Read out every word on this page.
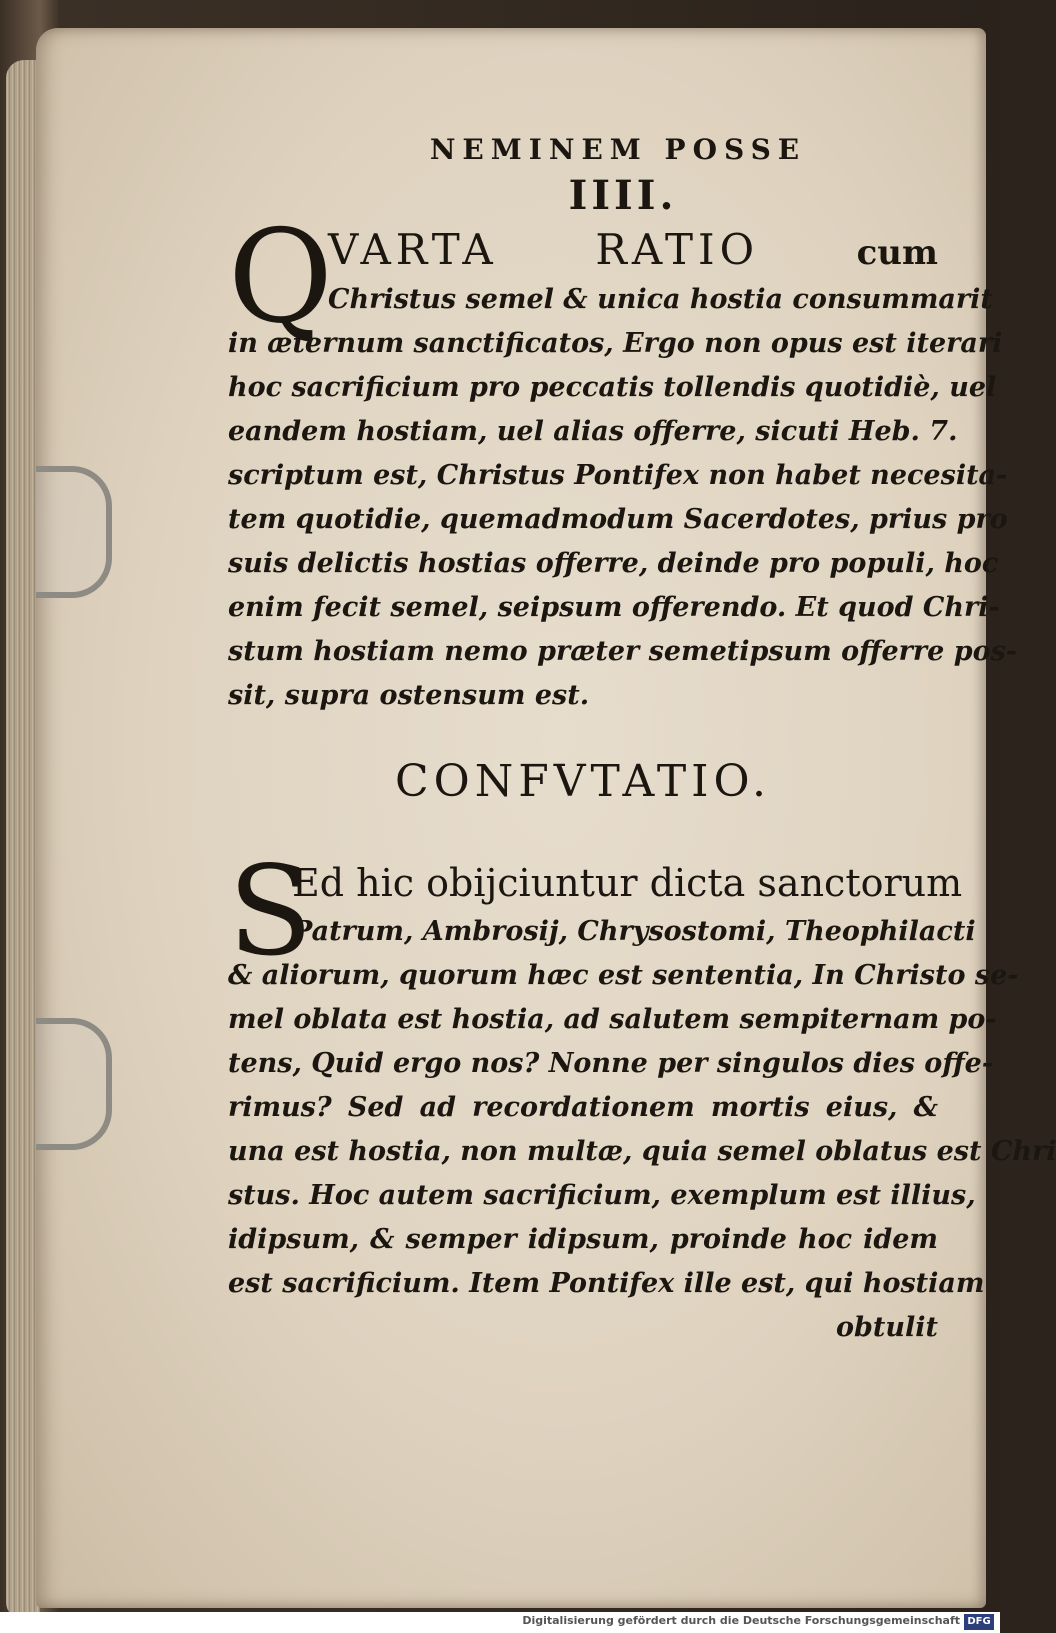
NEMINEM POSSE
IIII.
Q
VARTA RATIO	cum
Christus semel & unica hostia consummarit
in æternum sanctificatos, Ergo non opus est iterari
hoc sacrificium pro peccatis tollendis quotidiè, uel
eandem hostiam, uel alias offerre, sicuti Heb. 7.
scriptum est, Christus Pontifex non habet necesita-
tem quotidie, quemadmodum Sacerdotes, prius pro
suis delictis hostias offerre, deinde pro populi, hoc
enim fecit semel, seipsum offerendo. Et quod Chri-
stum hostiam nemo præter semetipsum offerre pos-
sit, supra ostensum est.
CONFVTATIO.
S
Ed hic obijciuntur dicta sanctorum
Patrum, Ambrosij, Chrysostomi, Theophilacti
& aliorum, quorum hæc est sententia, In Christo se-
mel oblata est hostia, ad salutem sempiternam po-
tens, Quid ergo nos? Nonne per singulos dies offe-
rimus? Sed ad recordationem mortis eius, &
una est hostia, non multæ, quia semel oblatus est Chri
stus. Hoc autem sacrificium, exemplum est illius,
idipsum, & semper idipsum, proinde hoc idem
est sacrificium. Item Pontifex ille est, qui hostiam
obtulit
Digitalisierung gefördert durch die Deutsche Forschungsgemeinschaft DFG
